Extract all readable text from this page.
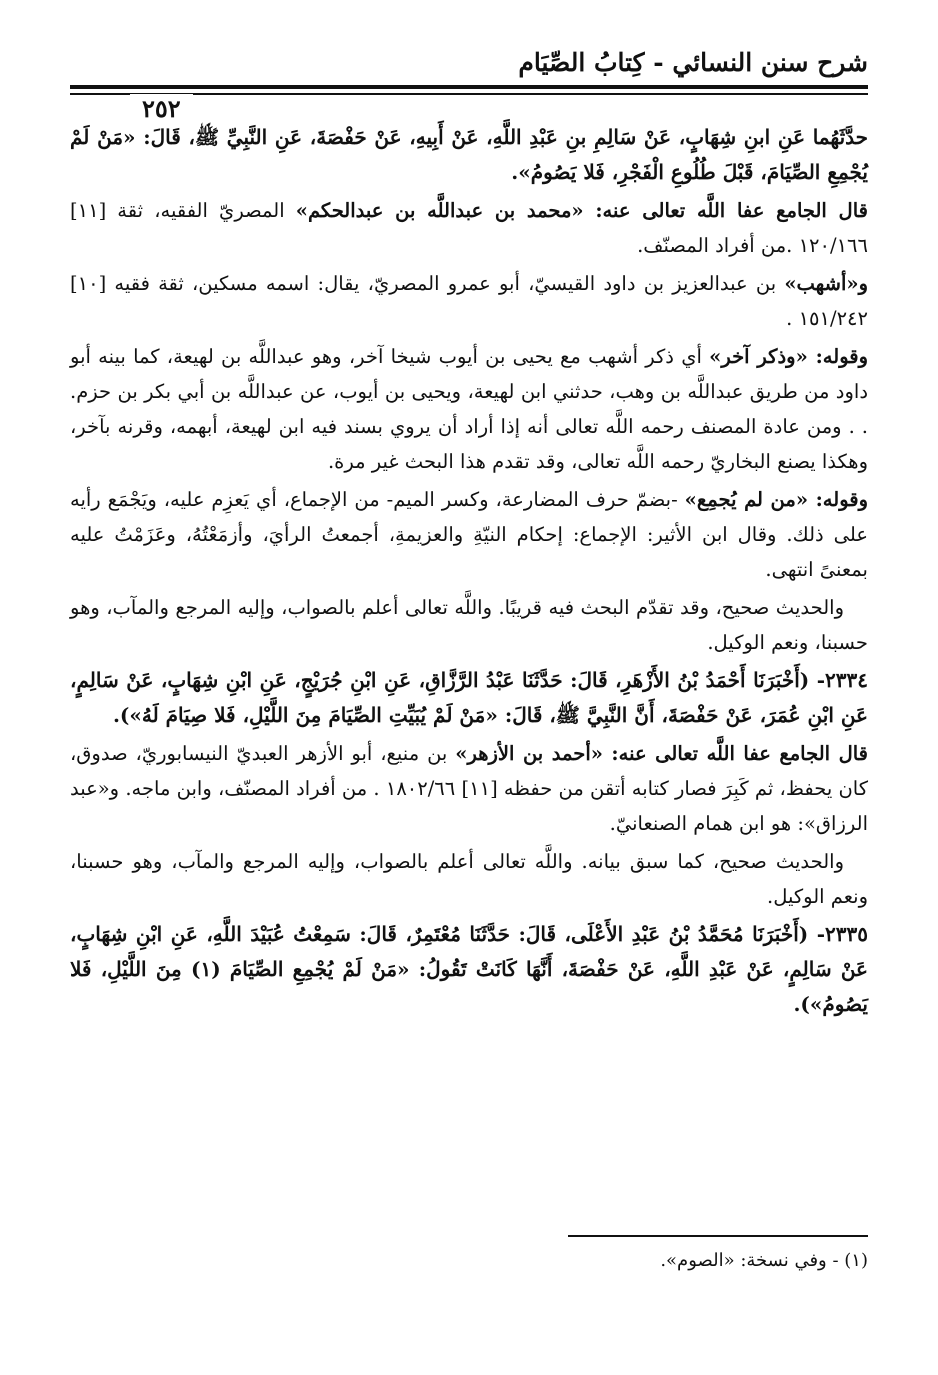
شرح سنن النسائي - كِتابُ الصِّيَام
٢٥٢

حدَّثَهُما عَنِ ابنِ شِهَابٍ، عَنْ سَالِمِ بنِ عَبْدِ اللَّهِ، عَنْ أَبِيهِ، عَنْ حَفْصَةَ، عَنِ النَّبِيِّ ﷺ، قَالَ: «مَنْ لَمْ يُجْمِعِ الصِّيَامَ، قَبْلَ طُلُوعِ الْفَجْرِ، فَلا يَصُومُ».

قال الجامع عفا اللَّه تعالى عنه: «محمد بن عبداللَّه بن عبدالحكم» المصريّ الفقيه، ثقة [١١] ١٢٠/١٦٦ .من أفراد المصنّف.

و«أشهب» بن عبدالعزيز بن داود القيسيّ، أبو عمرو المصريّ، يقال: اسمه مسكين، ثقة فقيه [١٠] ١٥١/٢٤٢ .

وقوله: «وذكر آخر» أي ذكر أشهب مع يحيى بن أيوب شيخا آخر، وهو عبداللَّه بن لهيعة، كما بينه أبو داود من طريق عبداللَّه بن وهب، حدثني ابن لهيعة، ويحيى بن أيوب، عن عبداللَّه بن أبي بكر بن حزم. . . ومن عادة المصنف رحمه اللَّه تعالى أنه إذا أراد أن يروي بسند فيه ابن لهيعة، أبهمه، وقرنه بآخر، وهكذا يصنع البخاريّ رحمه اللَّه تعالى، وقد تقدم هذا البحث غير مرة.

وقوله: «من لم يُجمِع» -بضمّ حرف المضارعة، وكسر الميم- من الإجماع، أي يَعزِم عليه، ويَجْمَع رأيه على ذلك. وقال ابن الأثير: الإجماع: إحكام النيّةِ والعزيمةِ، أجمعتُ الرأيَ، وأزمَعْتُهُ، وعَزَمْتُ عليه بمعنىً انتهى.

والحديث صحيح، وقد تقدّم البحث فيه قريبًا. واللَّه تعالى أعلم بالصواب، وإليه المرجع والمآب، وهو حسبنا، ونعم الوكيل.

٢٣٣٤- (أَخْبَرَنَا أَحْمَدُ بْنُ الأَزْهَرِ، قَالَ: حَدَّثَنَا عَبْدُ الرَّزَّاقِ، عَنِ ابْنِ جُرَيْجٍ، عَنِ ابْنِ شِهَابٍ، عَنْ سَالِمٍ، عَنِ ابْنِ عُمَرَ، عَنْ حَفْصَةَ، أَنَّ النَّبِيَّ ﷺ، قَالَ: «مَنْ لَمْ يُبَيِّتِ الصِّيَامَ مِنَ اللَّيْلِ، فَلا صِيَامَ لَهُ»).

قال الجامع عفا اللَّه تعالى عنه: «أحمد بن الأزهر» بن منيع، أبو الأزهر العبديّ النيسابوريّ، صدوق، كان يحفظ، ثم كَبِرَ فصار كتابه أتقن من حفظه [١١] ١٨٠٢/٦٦ . من أفراد المصنّف، وابن ماجه. و«عبد الرزاق»: هو ابن همام الصنعانيّ.

والحديث صحيح، كما سبق بيانه. واللَّه تعالى أعلم بالصواب، وإليه المرجع والمآب، وهو حسبنا، ونعم الوكيل.

٢٣٣٥- (أَخْبَرَنَا مُحَمَّدُ بْنُ عَبْدِ الأَعْلَى، قَالَ: حَدَّثَنَا مُعْتَمِرٌ، قَالَ: سَمِعْتُ عُبَيْدَ اللَّهِ، عَنِ ابْنِ شِهَابٍ، عَنْ سَالِمٍ، عَنْ عَبْدِ اللَّهِ، عَنْ حَفْصَةَ، أَنَّهَا كَانَتْ تَقُولُ: «مَنْ لَمْ يُجْمِعِ الصِّيَامَ (١) مِنَ اللَّيْلِ، فَلا يَصُومُ»).

(١) - وفي نسخة: «الصوم».
